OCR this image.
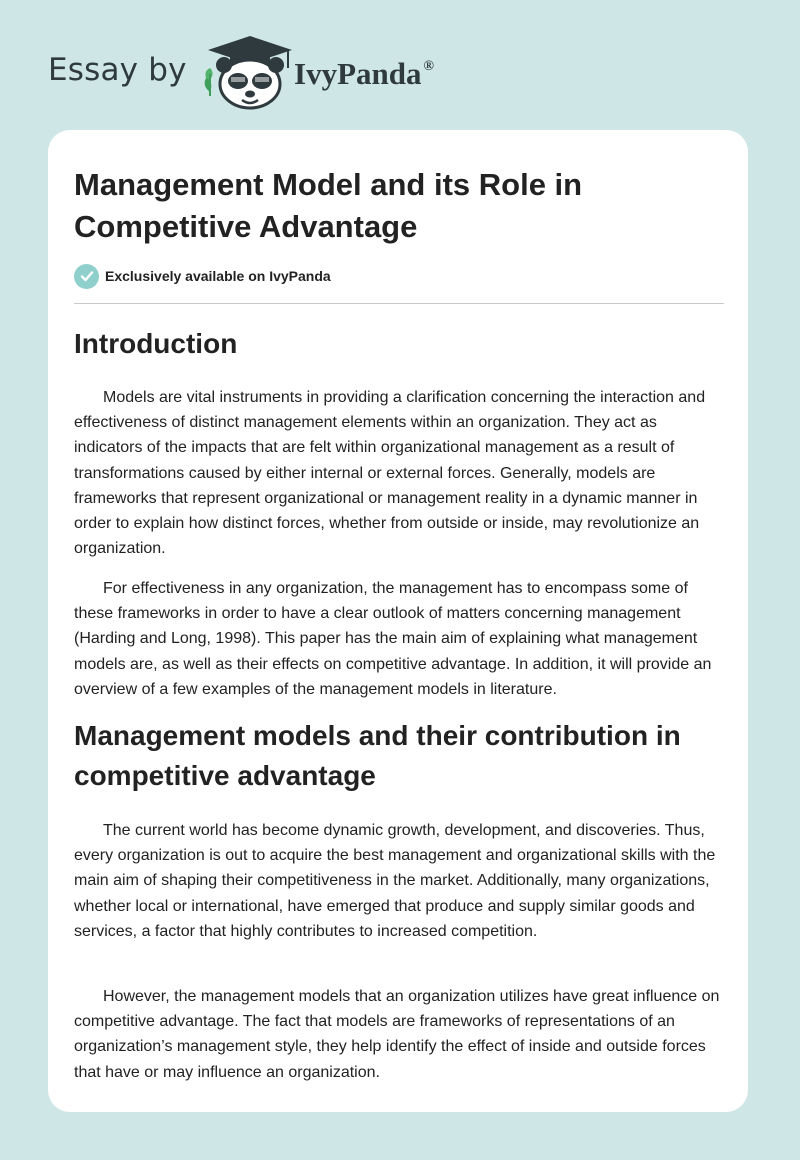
Essay by	IvyPanda ®
Management Model and its Role in Competitive Advantage
Exclusively available on IvyPanda
Introduction

Models are vital instruments in providing a clarification concerning the interaction and effectiveness of distinct management elements within an organization. They act as indicators of the impacts that are felt within organizational management as a result of transformations caused by either internal or external forces. Generally, models are frameworks that represent organizational or management reality in a dynamic manner in order to explain how distinct forces, whether from outside or inside, may revolutionize an organization.

For effectiveness in any organization, the management has to encompass some of these frameworks in order to have a clear outlook of matters concerning management (Harding and Long, 1998). This paper has the main aim of explaining what management models are, as well as their effects on competitive advantage. In addition, it will provide an overview of a few examples of the management models in literature.

Management models and their contribution in competitive advantage

The current world has become dynamic growth, development, and discoveries. Thus, every organization is out to acquire the best management and organizational skills with the main aim of shaping their competitiveness in the market. Additionally, many organizations, whether local or international, have emerged that produce and supply similar goods and services, a factor that highly contributes to increased competition.

However, the management models that an organization utilizes have great influence on competitive advantage. The fact that models are frameworks of representations of an organization’s management style, they help identify the effect of inside and outside forces that have or may influence an organization.
